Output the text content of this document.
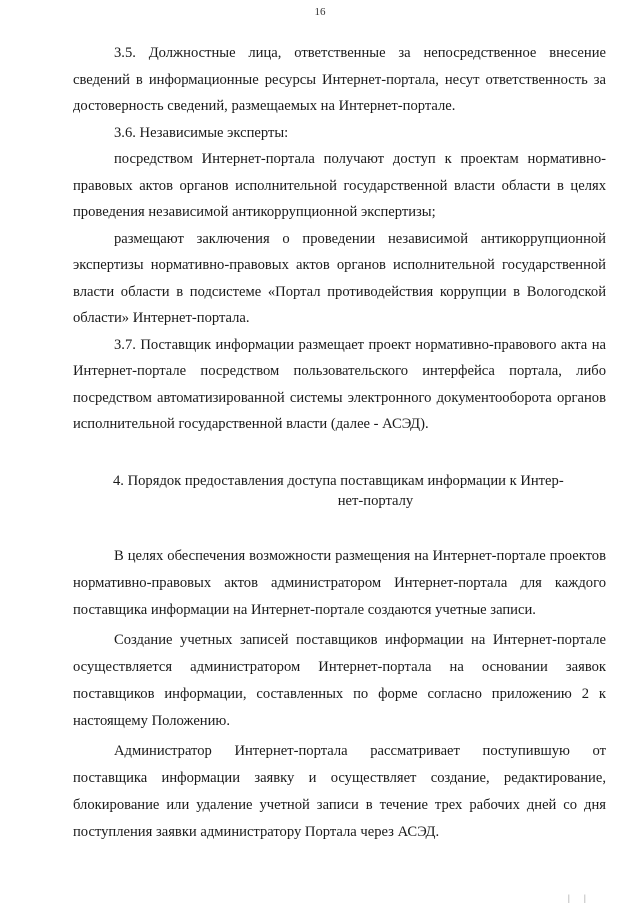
16

3.5. Должностные лица, ответственные за непосредственное внесение сведений в информационные ресурсы Интернет-портала, несут ответственность за достоверность сведений, размещаемых на Интернет-портале.

3.6. Независимые эксперты:

посредством Интернет-портала получают доступ к проектам нормативно-правовых актов органов исполнительной государственной власти области в целях проведения независимой антикоррупционной экспертизы;

размещают заключения о проведении независимой антикоррупционной экспертизы нормативно-правовых актов органов исполнительной государственной власти области в подсистеме «Портал противодействия коррупции в Вологодской области» Интернет-портала.

3.7. Поставщик информации размещает проект нормативно-правового акта на Интернет-портале посредством пользовательского интерфейса портала, либо посредством автоматизированной системы электронного документооборота органов исполнительной государственной власти (далее - АСЭД).

4. Порядок предоставления доступа поставщикам информации к Интер-
нет-порталу

В целях обеспечения возможности размещения на Интернет-портале проектов нормативно-правовых актов администратором Интернет-портала для каждого поставщика информации на Интернет-портале создаются учетные записи.

Создание учетных записей поставщиков информации на Интернет-портале осуществляется администратором Интернет-портала на основании заявок поставщиков информации, составленных по форме согласно приложению 2 к настоящему Положению.

Администратор Интернет-портала рассматривает поступившую от поставщика информации заявку и осуществляет создание, редактирование, блокирование или удаление учетной записи в течение трех рабочих дней со дня поступления заявки администратору Портала через АСЭД.

| |
